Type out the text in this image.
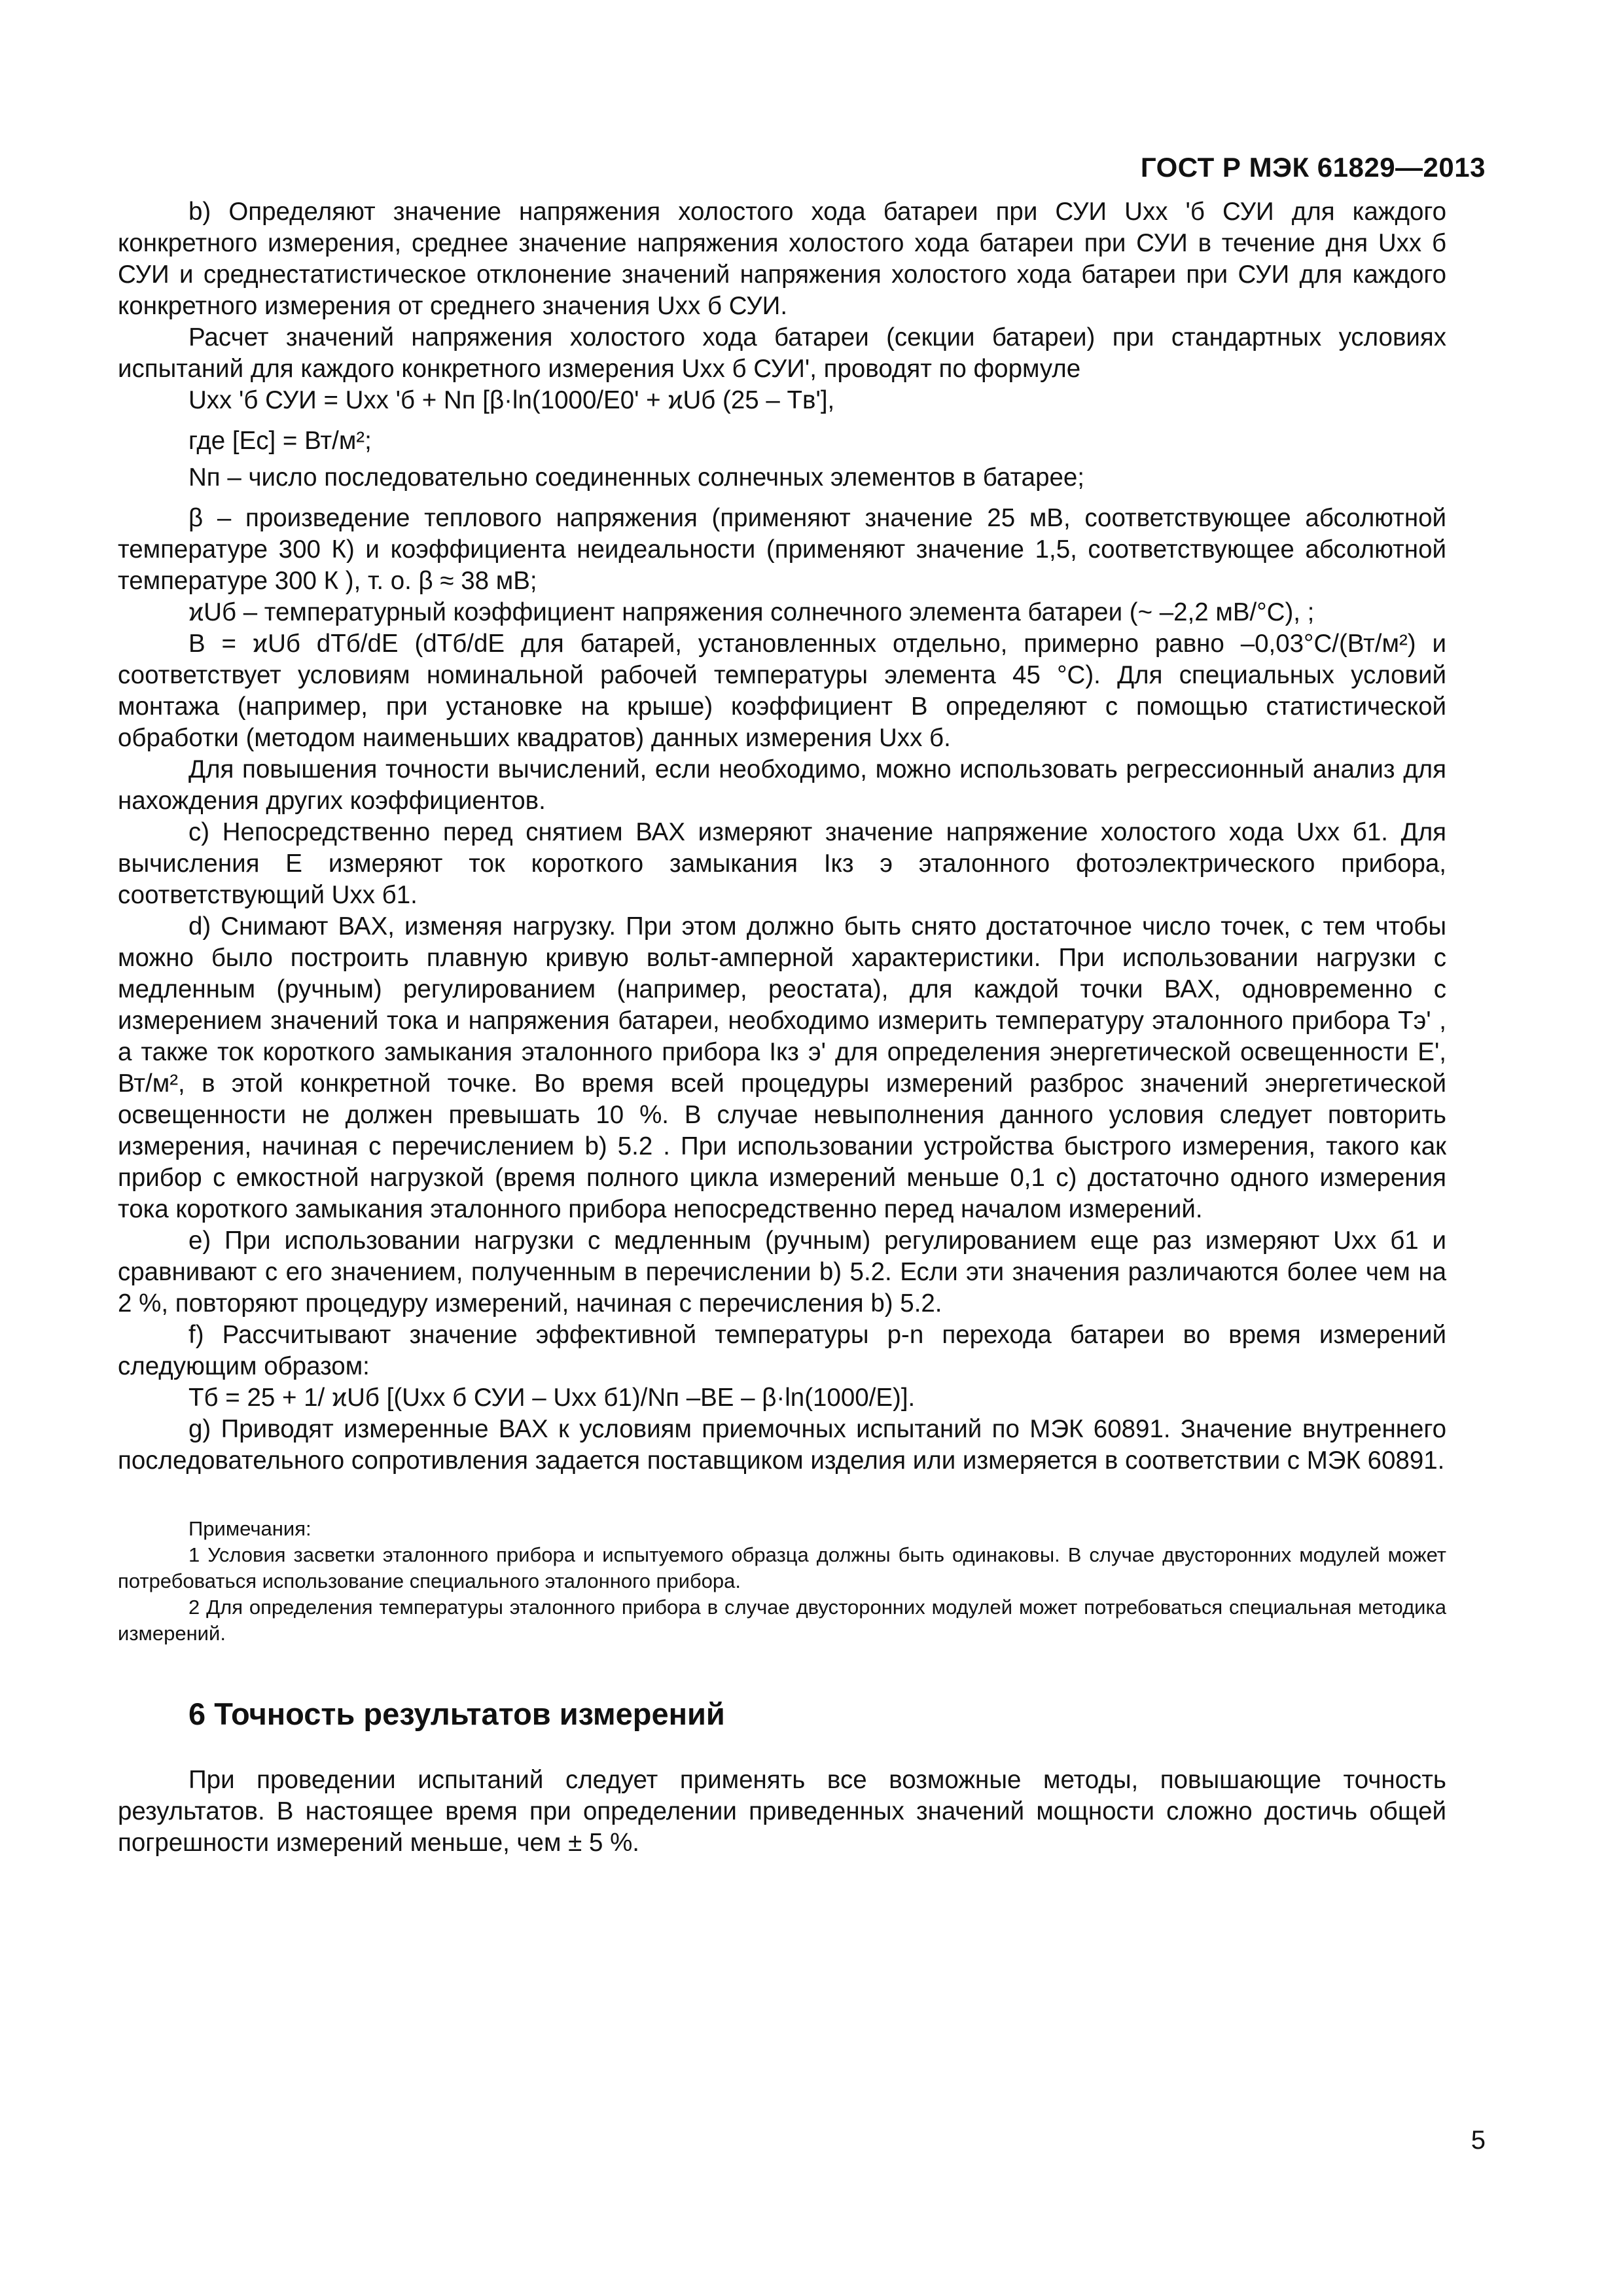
ГОСТ Р МЭК 61829—2013

b) Определяют значение напряжения холостого хода батареи при СУИ Uхх 'б СУИ для каждого конкретного измерения, среднее значение напряжения холостого хода батареи при СУИ в течение дня Uхх б СУИ и среднестатистическое отклонение значений напряжения холостого хода батареи при СУИ для каждого конкретного измерения от среднего значения Uхх б СУИ.

Расчет значений напряжения холостого хода батареи (секции батареи) при стандартных условиях испытаний для каждого конкретного измерения Uхх б СУИ', проводят по формуле

Uхх 'б СУИ = Uхх 'б + Nп [β·ln(1000/E0' + ϰUб (25 – Tв'],

где [Eс] = Вт/м²;

Nп – число последовательно соединенных солнечных элементов в батарее;

β – произведение теплового напряжения (применяют значение 25 мВ, соответствующее абсолютной температуре 300 К) и коэффициента неидеальности (применяют значение 1,5, соответствующее абсолютной температуре 300 К ), т. о. β ≈ 38 мВ;

ϰUб – температурный коэффициент напряжения солнечного элемента батареи (~ –2,2 мВ/°С), ;

B = ϰUб dTб/dE (dTб/dE для батарей, установленных отдельно, примерно равно –0,03°С/(Вт/м²) и соответствует условиям номинальной рабочей температуры элемента 45 °С). Для специальных условий монтажа (например, при установке на крыше) коэффициент B определяют с помощью статистической обработки (методом наименьших квадратов) данных измерения Uхх б.

Для повышения точности вычислений, если необходимо, можно использовать регрессионный анализ для нахождения других коэффициентов.

c) Непосредственно перед снятием ВАХ измеряют значение напряжение холостого хода Uхх б1. Для вычисления E измеряют ток короткого замыкания Iкз э эталонного фотоэлектрического прибора, соответствующий Uхх б1.

d) Снимают ВАХ, изменяя нагрузку. При этом должно быть снято достаточное число точек, с тем чтобы можно было построить плавную кривую вольт-амперной характеристики. При использовании нагрузки с медленным (ручным) регулированием (например, реостата), для каждой точки ВАХ, одновременно с измерением значений тока и напряжения батареи, необходимо измерить температуру эталонного прибора Tэ' , а также ток короткого замыкания эталонного прибора Iкз э' для определения энергетической освещенности E', Вт/м², в этой конкретной точке. Во время всей процедуры измерений разброс значений энергетической освещенности не должен превышать 10 %. В случае невыполнения данного условия следует повторить измерения, начиная с перечислением b) 5.2 . При использовании устройства быстрого измерения, такого как прибор с емкостной нагрузкой (время полного цикла измерений меньше 0,1 с) достаточно одного измерения тока короткого замыкания эталонного прибора непосредственно перед началом измерений.

e) При использовании нагрузки с медленным (ручным) регулированием еще раз измеряют Uхх б1 и сравнивают с его значением, полученным в перечислении b) 5.2. Если эти значения различаются более чем на 2 %, повторяют процедуру измерений, начиная с перечисления b) 5.2.

f) Рассчитывают значение эффективной температуры p-n перехода батареи во время измерений следующим образом:

Tб = 25 + 1/ ϰUб [(Uхх б СУИ – Uхх б1)/Nп –BE – β·ln(1000/E)].

g) Приводят измеренные ВАХ к условиям приемочных испытаний по МЭК 60891. Значение внутреннего последовательного сопротивления задается поставщиком изделия или измеряется в соответствии с МЭК 60891.

Примечания:

1 Условия засветки эталонного прибора и испытуемого образца должны быть одинаковы. В случае двусторонних модулей может потребоваться использование специального эталонного прибора.

2 Для определения температуры эталонного прибора в случае двусторонних модулей может потребоваться специальная методика измерений.

6 Точность результатов измерений

При проведении испытаний следует применять все возможные методы, повышающие точность результатов. В настоящее время при определении приведенных значений мощности сложно достичь общей погрешности измерений меньше, чем ± 5 %.

5
